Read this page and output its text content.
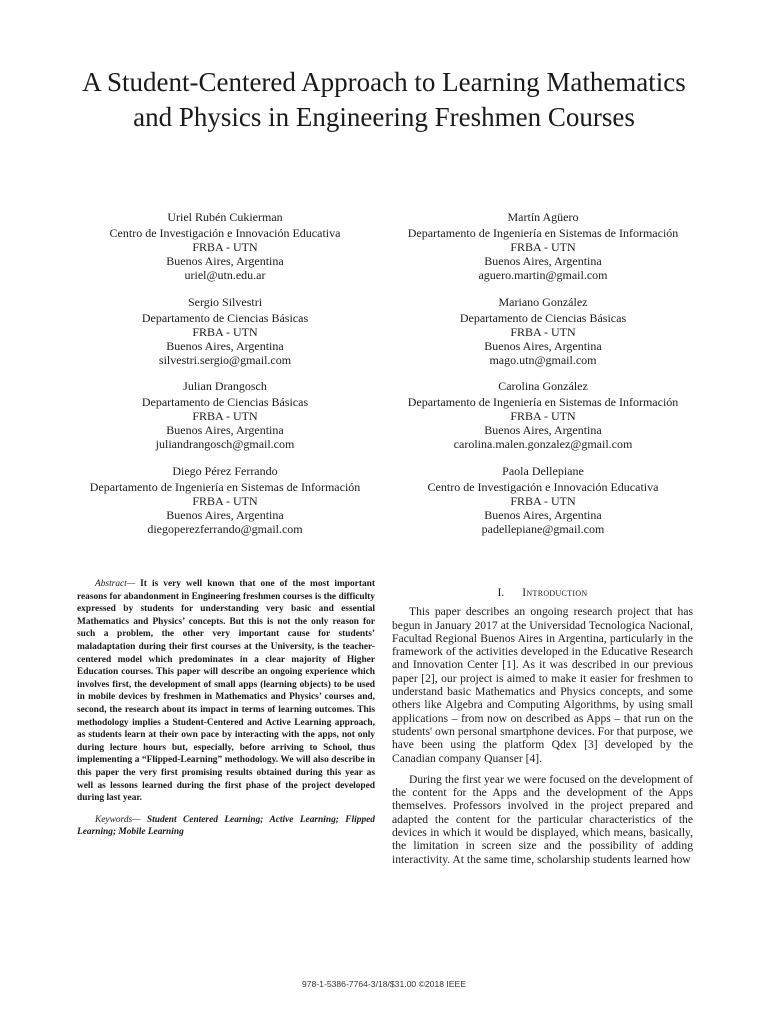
A Student-Centered Approach to Learning Mathematics and Physics in Engineering Freshmen Courses
Uriel Rubén Cukierman
Centro de Investigación e Innovación Educativa
FRBA - UTN
Buenos Aires, Argentina
uriel@utn.edu.ar
Martín Agüero
Departamento de Ingeniería en Sistemas de Información
FRBA - UTN
Buenos Aires, Argentina
aguero.martin@gmail.com
Sergio Silvestri
Departamento de Ciencias Básicas
FRBA - UTN
Buenos Aires, Argentina
silvestri.sergio@gmail.com
Mariano González
Departamento de Ciencias Básicas
FRBA - UTN
Buenos Aires, Argentina
mago.utn@gmail.com
Julian Drangosch
Departamento de Ciencias Básicas
FRBA - UTN
Buenos Aires, Argentina
juliandrangosch@gmail.com
Carolina González
Departamento de Ingeniería en Sistemas de Información
FRBA - UTN
Buenos Aires, Argentina
carolina.malen.gonzalez@gmail.com
Diego Pérez Ferrando
Departamento de Ingeniería en Sistemas de Información
FRBA - UTN
Buenos Aires, Argentina
diegoperezferrando@gmail.com
Paola Dellepiane
Centro de Investigación e Innovación Educativa
FRBA - UTN
Buenos Aires, Argentina
padellepiane@gmail.com
Abstract— It is very well known that one of the most important reasons for abandonment in Engineering freshmen courses is the difficulty expressed by students for understanding very basic and essential Mathematics and Physics’ concepts. But this is not the only reason for such a problem, the other very important cause for students’ maladaptation during their first courses at the University, is the teacher-centered model which predominates in a clear majority of Higher Education courses. This paper will describe an ongoing experience which involves first, the development of small apps (learning objects) to be used in mobile devices by freshmen in Mathematics and Physics’ courses and, second, the research about its impact in terms of learning outcomes. This methodology implies a Student-Centered and Active Learning approach, as students learn at their own pace by interacting with the apps, not only during lecture hours but, especially, before arriving to School, thus implementing a “Flipped-Learning” methodology. We will also describe in this paper the very first promising results obtained during this year as well as lessons learned during the first phase of the project developed during last year.
Keywords— Student Centered Learning; Active Learning; Flipped Learning; Mobile Learning
I. Introduction

This paper describes an ongoing research project that has begun in January 2017 at the Universidad Tecnologica Nacional, Facultad Regional Buenos Aires in Argentina, particularly in the framework of the activities developed in the Educative Research and Innovation Center [1]. As it was described in our previous paper [2], our project is aimed to make it easier for freshmen to understand basic Mathematics and Physics concepts, and some others like Algebra and Computing Algorithms, by using small applications – from now on described as Apps – that run on the students' own personal smartphone devices. For that purpose, we have been using the platform Qdex [3] developed by the Canadian company Quanser [4].

During the first year we were focused on the development of the content for the Apps and the development of the Apps themselves. Professors involved in the project prepared and adapted the content for the particular characteristics of the devices in which it would be displayed, which means, basically, the limitation in screen size and the possibility of adding interactivity. At the same time, scholarship students learned how

978-1-5386-7764-3/18/$31.00 ©2018 IEEE
